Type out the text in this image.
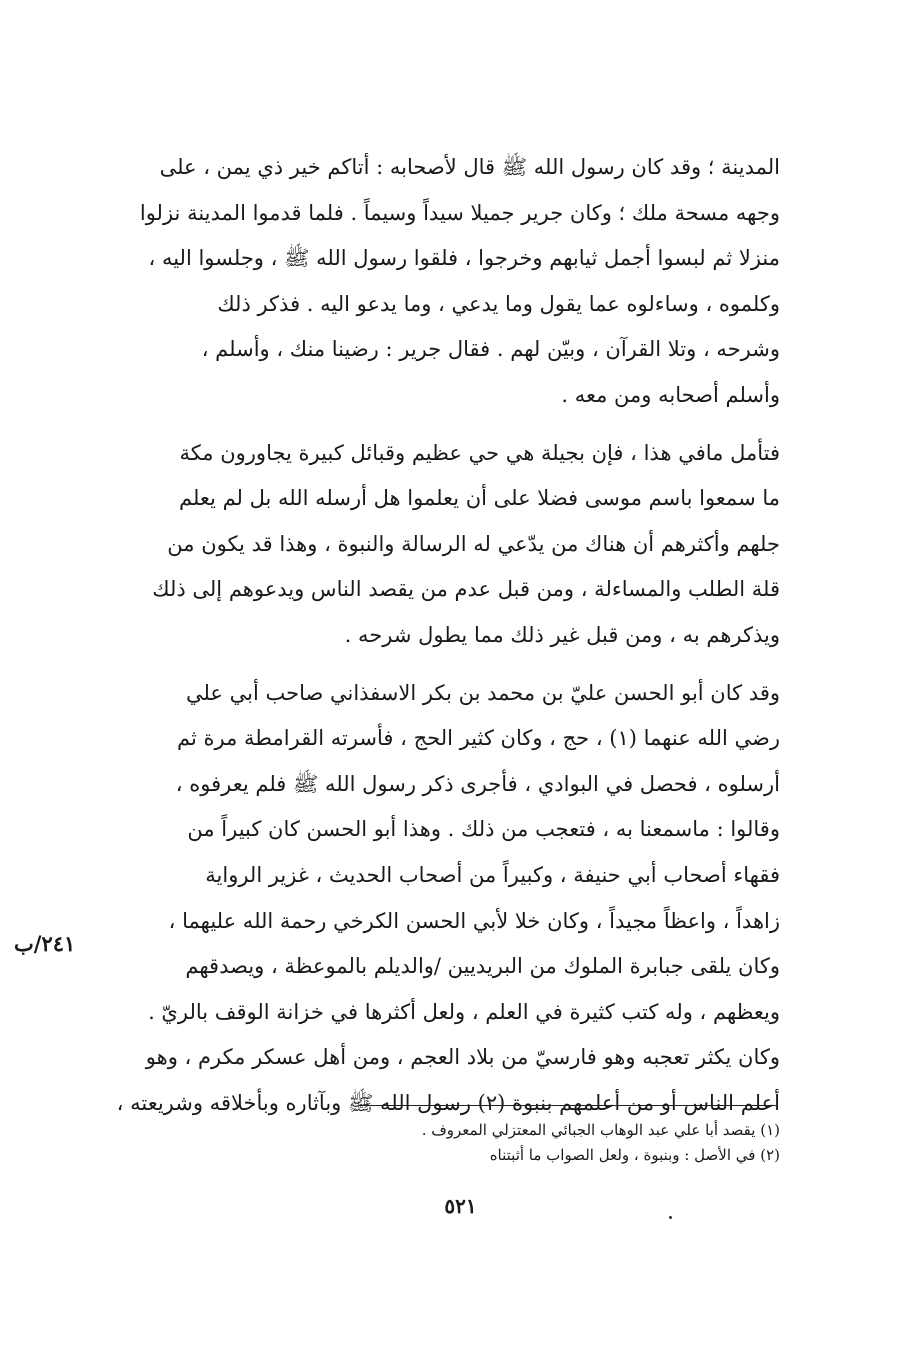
المدينة ؛ وقد كان رسول الله ﷺ قال لأصحابه : أتاكم خير ذي يمن ، على
وجهه مسحة ملك ؛ وكان جرير جميلا سيداً وسيماً . فلما قدموا المدينة نزلوا
منزلا ثم لبسوا أجمل ثيابهم وخرجوا ، فلقوا رسول الله ﷺ ، وجلسوا اليه ،
وكلموه ، وساءلوه عما يقول وما يدعي ، وما يدعو اليه . فذكر ذلك
وشرحه ، وتلا القرآن ، وبيّن لهم . فقال جرير : رضينا منك ، وأسلم ،
وأسلم أصحابه ومن معه .
فتأمل مافي هذا ، فإن بجيلة هي حي عظيم وقبائل كبيرة يجاورون مكة
ما سمعوا باسم موسى فضلا على أن يعلموا هل أرسله الله بل لم يعلم
جلهم وأكثرهم أن هناك من يدّعي له الرسالة والنبوة ، وهذا قد يكون من
قلة الطلب والمساءلة ، ومن قبل عدم من يقصد الناس ويدعوهم إلى ذلك
ويذكرهم به ، ومن قبل غير ذلك مما يطول شرحه .
وقد كان أبو الحسن عليّ بن محمد بن بكر الاسفذاني صاحب أبي علي
رضي الله عنهما (١) ، حج ، وكان كثير الحج ، فأسرته القرامطة مرة ثم
أرسلوه ، فحصل في البوادي ، فأجرى ذكر رسول الله ﷺ فلم يعرفوه ،
وقالوا : ماسمعنا به ، فتعجب من ذلك . وهذا أبو الحسن كان كبيراً من
فقهاء أصحاب أبي حنيفة ، وكبيراً من أصحاب الحديث ، غزير الرواية
زاهداً ، واعظاً مجيداً ، وكان خلا لأبي الحسن الكرخي رحمة الله عليهما ،
وكان يلقى جبابرة الملوك من البريديين /والديلم بالموعظة ، ويصدقهم
ويعظهم ، وله كتب كثيرة في العلم ، ولعل أكثرها في خزانة الوقف بالريّ .
وكان يكثر تعجبه وهو فارسيّ من بلاد العجم ، ومن أهل عسكر مكرم ، وهو
أعلم الناس أو من أعلمهم بنبوة (٢) رسول الله ﷺ وبآثاره وبأخلاقه وشريعته ،
٢٤١/ب
(١) يقصد أبا علي عبد الوهاب الجبائي المعتزلي المعروف .
(٢) في الأصل : وبنبوة ، ولعل الصواب ما أثبتناه
٥٢١
